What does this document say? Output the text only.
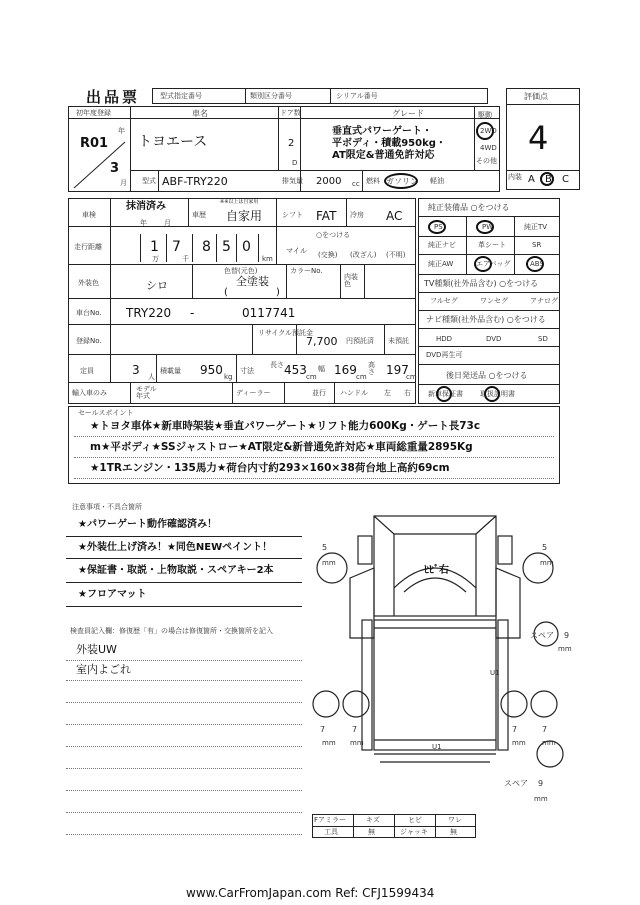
出品票	型式指定番号	類別区分番号	シリアル番号	評価点
4
内装 A B C
初年度登録
R01
年
3
月
車名
トヨエース
ドア数
2
D
グレード
垂直式パワーゲート・
平ボディ・積載950kg・
AT限定&普通免許対応
駆動
2WD
4WD
その他
型式 ABF-TRY220	排気量 2000 cc 燃料 ガソリン 軽油
車検
抹消済み
年 月
車歴
※※以上は自家用
自家用	シフト FAT 冷房 AC
走行距離	1
万
7
千
8 5 0
km
○をつける
マイル (交換) (改ざん) (不明)
外装色	シロ
色替(元色)
全塗装
(	)
カラーNo.
内装色
車台No. TRY220 -	0117741
登録No.
リサイクル預託金
7,700 円預託済 未預託
定員	3 人
積載量 950 kg
寸法
長さ 453 cm
幅 169 cm
高さ 197
cm
輸入車のみ	モデル年式	ディーラー	並行 ハンドル 左 右
純正装備品 ○をつける
PS	PW	純正TV
純正ナビ	革シート	SR
純正AW	エアバッグ	ABS
TV種類(社外品含む) ○をつける
フルセグ	ワンセグ	アナログ
ナビ種類(社外品含む) ○をつける
HDD	DVD	SD
DVD再生可
後日発送品 ○をつける
新車保証書 取扱説明書
セールスポイント
★トヨタ車体★新車時架装★垂直パワーゲート★リフト能力600Kg・ゲート長73c
m★平ボディ★SSジャストロー★AT限定&新普通免許対応★車両総重量2895Kg
★1TRエンジン・135馬力★荷台内寸約293×160×38荷台地上高約69cm
注意事項・不具合箇所
★パワーゲート動作確認済み！
★外装仕上げ済み！★同色NEWペイント！
★保証書・取説・上物取説・スペアキー2本
★フロアマット
検査員記入欄：修復歴「有」の場合は修復箇所・交換箇所を記入
外装UW
室内よごれ
5
mm
5
mm
ﾋﾋﾞ右
スペア 9
mm
U1
7
mm
7
mm
7
mm
7
mm
U1
スペア 9
mm
Fアミラー	キズ	ヒビ	ワレ
工具	無	ジャッキ	無
www.CarFromJapan.com Ref: CFJ1599434
